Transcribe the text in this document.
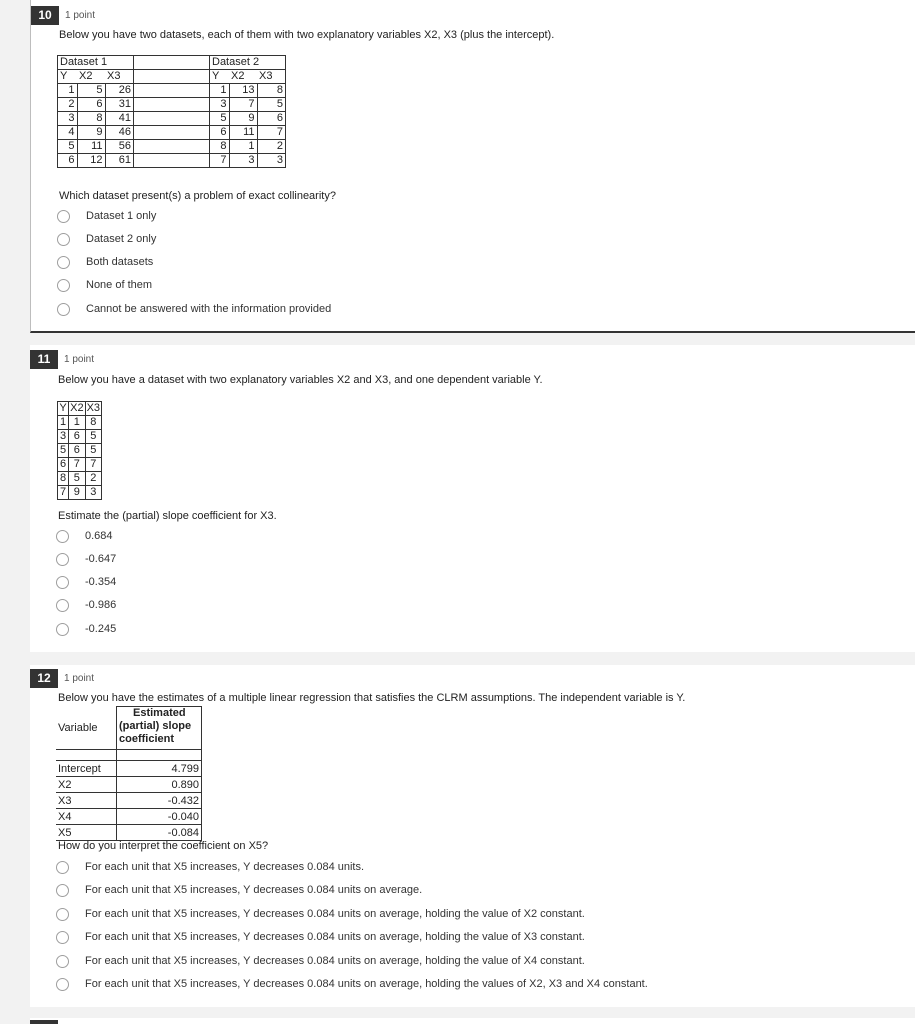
10	1 point
Below you have two datasets, each of them with two explanatory variables X2, X3 (plus the intercept).
Dataset 1				Dataset 2		
Y	X2	X3		Y	X2	X3
1	5	26		1	13	8
2	6	31		3	7	5
3	8	41		5	9	6
4	9	46		6	11	7
5	11	56		8	1	2
6	12	61		7	3	3
Which dataset present(s) a problem of exact collinearity?
Dataset 1 only
Dataset 2 only
Both datasets
None of them
Cannot be answered with the information provided
11	1 point
Below you have a dataset with two explanatory variables X2 and X3, and one dependent variable Y.
Y	X2	X3
1	1	8
3	6	5
5	6	5
6	7	7
8	5	2
7	9	3
Estimate the (partial) slope coefficient for X3.
0.684
-0.647
-0.354
-0.986
-0.245
12	1 point
Below you have the estimates of a multiple linear regression that satisfies the CLRM assumptions. The independent variable is Y.
Variable	Estimated
(partial) slope
coefficient

Intercept	4.799
X2	0.890
X3	-0.432
X4	-0.040
X5	-0.084
How do you interpret the coefficient on X5?
For each unit that X5 increases, Y decreases 0.084 units.
For each unit that X5 increases, Y decreases 0.084 units on average.
For each unit that X5 increases, Y decreases 0.084 units on average, holding the value of X2 constant.
For each unit that X5 increases, Y decreases 0.084 units on average, holding the value of X3 constant.
For each unit that X5 increases, Y decreases 0.084 units on average, holding the value of X4 constant.
For each unit that X5 increases, Y decreases 0.084 units on average, holding the values of X2, X3 and X4 constant.
